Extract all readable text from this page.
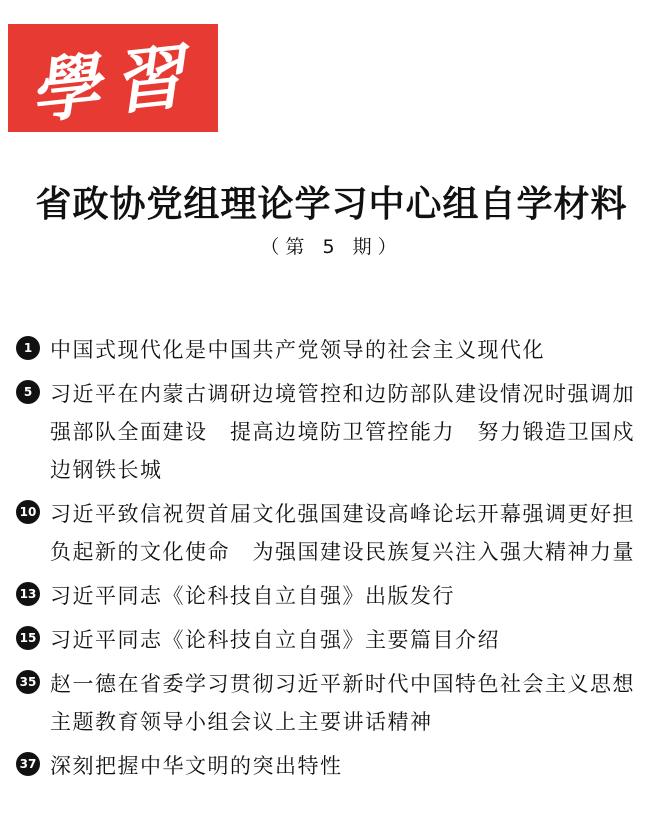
學習
省政协党组理论学习中心组自学材料
（第 5 期）
1 中国式现代化是中国共产党领导的社会主义现代化
5 习近平在内蒙古调研边境管控和边防部队建设情况时强调加强部队全面建设　提高边境防卫管控能力　努力锻造卫国戍边钢铁长城
10 习近平致信祝贺首届文化强国建设高峰论坛开幕强调更好担负起新的文化使命　为强国建设民族复兴注入强大精神力量
13 习近平同志《论科技自立自强》出版发行
15 习近平同志《论科技自立自强》主要篇目介绍
35 赵一德在省委学习贯彻习近平新时代中国特色社会主义思想主题教育领导小组会议上主要讲话精神
37 深刻把握中华文明的突出特性
